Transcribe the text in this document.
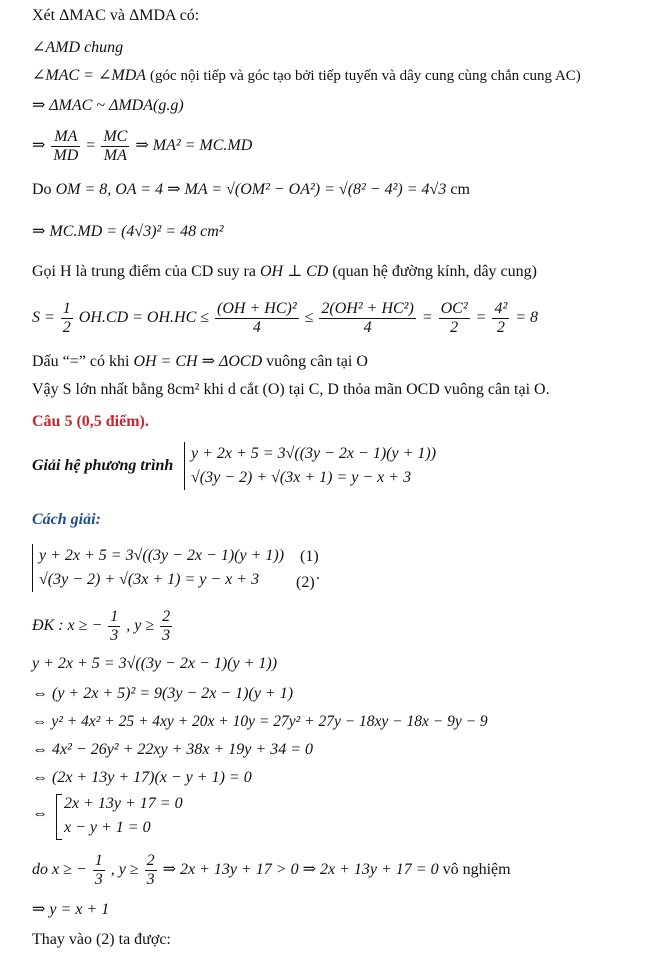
Xét ΔMAC và ΔMDA có:
∠AMD chung
∠MAC = ∠MDA (góc nội tiếp và góc tạo bởi tiếp tuyến và dây cung cùng chắn cung AC)
⇒ ΔMAC ~ ΔMDA(g.g)
⇒ $\frac{MA}{MD} = \frac{MC}{MA}$ ⇒ MA² = MC.MD
Do OM = 8, OA = 4 ⇒ MA = √(OM² − OA²) = √(8² − 4²) = 4√3 cm
⇒ MC.MD = (4√3)² = 48 cm²
Gọi H là trung điểm của CD suy ra OH ⊥ CD (quan hệ đường kính, dây cung)
$S = \frac{1}{2} OH.CD = OH.HC \le \frac{\text{(OH + HC)²}}{4} \le \frac{\text{2(OH² + HC²)}}{4} = \frac{\text{OC²}}{2} = \frac{\text{4²}}{2} = 8$
Dấu “=” có khi OH = CH ⇒ ΔOCD vuông cân tại O
Vậy S lớn nhất bằng 8cm² khi d cắt (O) tại C, D thỏa mãn OCD vuông cân tại O.
Câu 5 (0,5 điểm).
Giải hệ phương trình
y + 2x + 5 = 3√((3y − 2x − 1)(y + 1))
√(3y − 2) + √(3x + 1) = y − x + 3
Cách giải:
y + 2x + 5 = 3√((3y − 2x − 1)(y + 1))
√(3y − 2) + √(3x + 1) = y − x + 3
(1)
(2) .
ĐK : x ≥ − $\frac{1}{3}$ , $y \ge \frac{2}{3}$
y + 2x + 5 = 3√((3y − 2x − 1)(y + 1))
⇔ (y + 2x + 5)² = 9(3y − 2x − 1)(y + 1)
⇔ y² + 4x² + 25 + 4xy + 20x + 10y = 27y² + 27y − 18xy − 18x − 9y − 9
⇔ 4x² − 26y² + 22xy + 38x + 19y + 34 = 0
⇔ (2x + 13y + 17)(x − y + 1) = 0
⇔
2x + 13y + 17 = 0
x − y + 1 = 0
do x ≥ − $\frac{1}{3}$ , $y \ge \frac{2}{3}$ ⇒ 2x + 13y + 17 > 0 ⇒ 2x + 13y + 17 = 0 vô nghiệm
⇒ y = x + 1
Thay vào (2) ta được:
